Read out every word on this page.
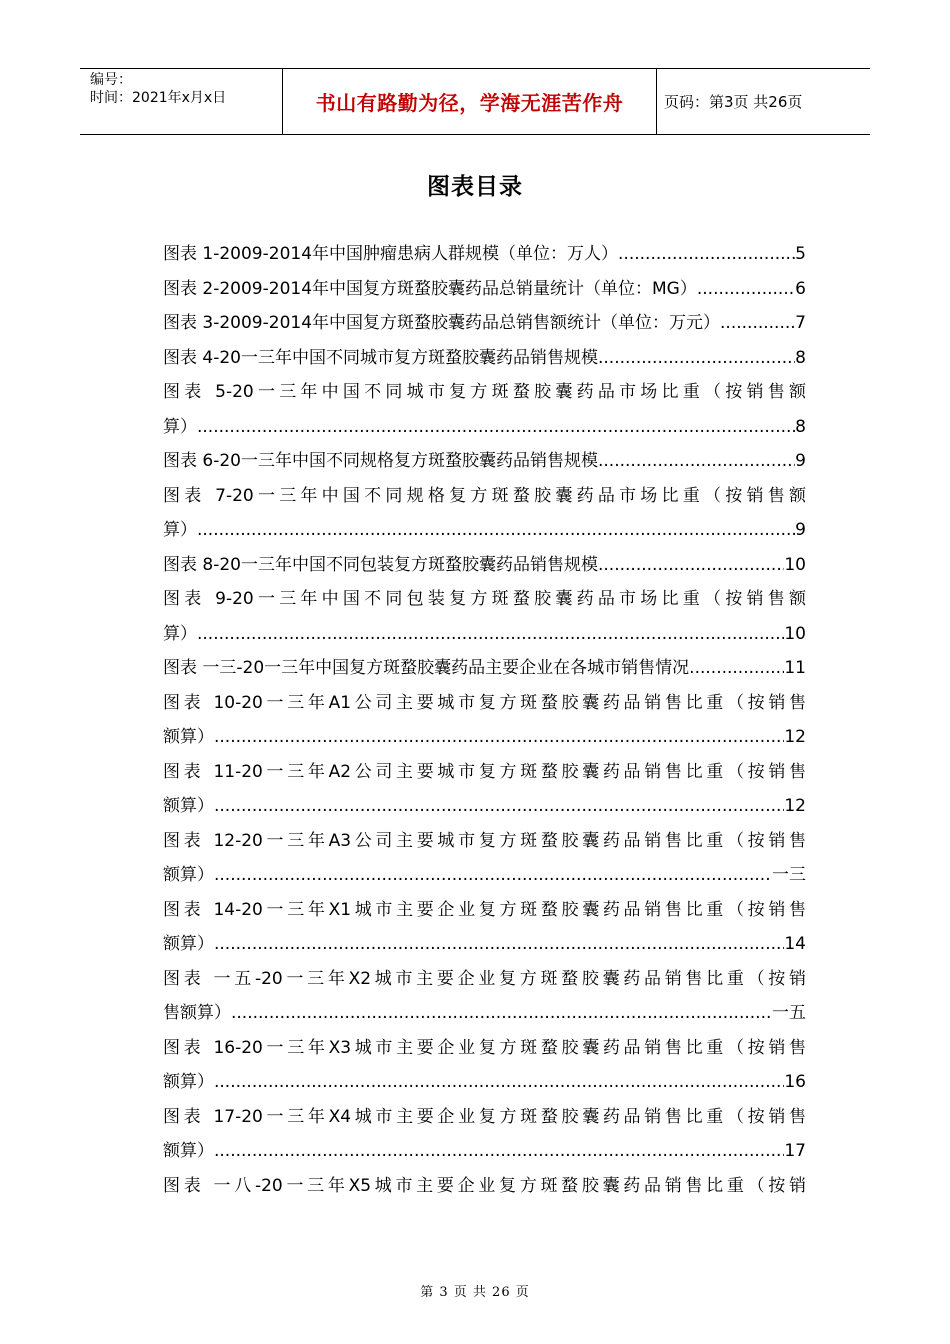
编号：
时间：2021年x月x日	书山有路勤为径，学海无涯苦作舟	页码：第3页 共26页
图表目录
图表 1-2009-2014年中国肿瘤患病人群规模（单位：万人） .....	5
图表 2-2009-2014年中国复方斑蝥胶囊药品总销量统计（单位：MG） .....	6
图表 3-2009-2014年中国复方斑蝥胶囊药品总销售额统计（单位：万元） .....	7
图表 4-20一三年中国不同城市复方斑蝥胶囊药品销售规模 .....	8
图表 5-20一三年中国不同城市复方斑蝥胶囊药品市场比重（按销售额
算） .....	8
图表 6-20一三年中国不同规格复方斑蝥胶囊药品销售规模 .....	9
图表 7-20一三年中国不同规格复方斑蝥胶囊药品市场比重（按销售额
算） .....	9
图表 8-20一三年中国不同包装复方斑蝥胶囊药品销售规模 .....	10
图表 9-20一三年中国不同包装复方斑蝥胶囊药品市场比重（按销售额
算） .....	10
图表 一三-20一三年中国复方斑蝥胶囊药品主要企业在各城市销售情况 .....	11
图表 10-20一三年A1公司主要城市复方斑蝥胶囊药品销售比重（按销售
额算） .....	12
图表 11-20一三年A2公司主要城市复方斑蝥胶囊药品销售比重（按销售
额算） .....	12
图表 12-20一三年A3公司主要城市复方斑蝥胶囊药品销售比重（按销售
额算） .....	一三
图表 14-20一三年X1城市主要企业复方斑蝥胶囊药品销售比重（按销售
额算） .....	14
图表 一五-20一三年X2城市主要企业复方斑蝥胶囊药品销售比重（按销
售额算） .....	一五
图表 16-20一三年X3城市主要企业复方斑蝥胶囊药品销售比重（按销售
额算） .....	16
图表 17-20一三年X4城市主要企业复方斑蝥胶囊药品销售比重（按销售
额算） .....	17
图表 一八-20一三年X5城市主要企业复方斑蝥胶囊药品销售比重（按销
第 3 页 共 26 页
